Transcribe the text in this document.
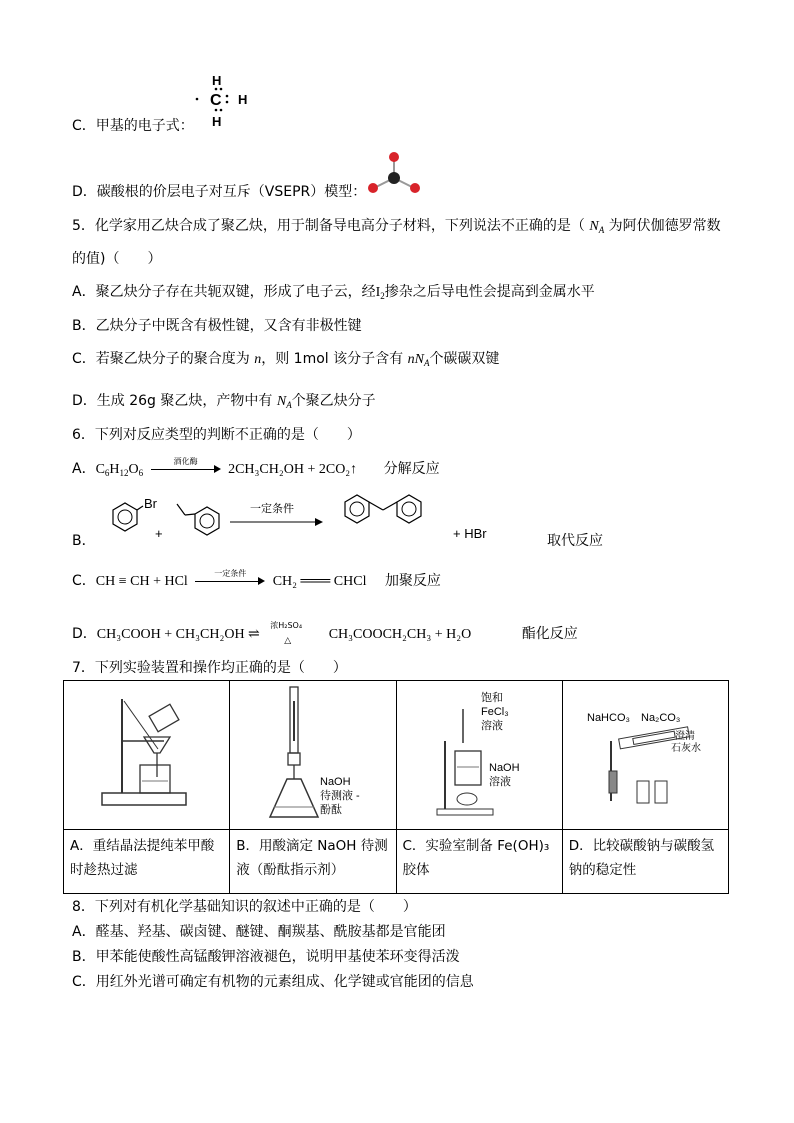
C．甲基的电子式：
H
C H
H
D．碳酸根的价层电子对互斥（VSEPR）模型：
5．化学家用乙炔合成了聚乙炔，用于制备导电高分子材料，下列说法不正确的是（ $N_A$ 为阿伏伽德罗常数
的值)（　　）
A．聚乙炔分子存在共轭双键，形成了电子云，经$I_2$掺杂之后导电性会提高到金属水平
B．乙炔分子中既含有极性键，又含有非极性键
C．若聚乙炔分子的聚合度为 n，则 1mol 该分子含有 $nN_A$个碳碳双键
D．生成 26g 聚乙炔，产物中有 $N_A$个聚乙炔分子
6．下列对反应类型的判断不正确的是（　　）
A．$C_6H_{12}O_6$
酒化酶
2CH₃CH₂OH + 2CO₂↑ 分解反应
B．
Br
+
一定条件
+ HBr	取代反应
C．CH ≡ CH + HCl
一定条件
CH₂ ═══ CHCl 加聚反应
D．CH₃COOH + CH₃CH₂OH ⇌
浓H₂SO₄
△	CH₃COOCH₂CH₃ + H₂O	酯化反应
7．下列实验装置和操作均正确的是（　　）

NaOH
待测液 -
酚酞	饱和
FeCl₃
溶液
NaOH
溶液	NaHCO₃ Na₂CO₃
澄清
石灰水

A．重结晶法提纯苯甲酸时趁热过滤	B．用酸滴定 NaOH 待测液（酚酞指示剂）	C．实验室制备 Fe(OH)₃ 胶体	D．比较碳酸钠与碳酸氢钠的稳定性
8．下列对有机化学基础知识的叙述中正确的是（　　）
A．醛基、羟基、碳卤键、醚键、酮羰基、酰胺基都是官能团
B．甲苯能使酸性高锰酸钾溶液褪色，说明甲基使苯环变得活泼
C．用红外光谱可确定有机物的元素组成、化学键或官能团的信息
